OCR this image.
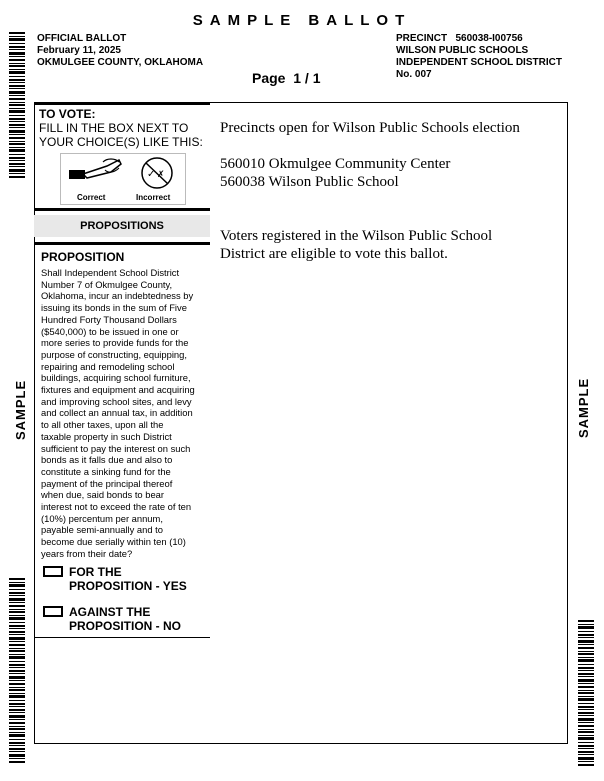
SAMPLE BALLOT
OFFICIAL BALLOT
February 11, 2025
OKMULGEE COUNTY, OKLAHOMA
PRECINCT   560038-I00756
WILSON PUBLIC SCHOOLS
INDEPENDENT SCHOOL DISTRICT
No. 007
Page  1 / 1
SAMPLE	SAMPLE
TO VOTE:
FILL IN THE BOX NEXT TO
YOUR CHOICE(S) LIKE THIS:
Correct
✓ ✗
Incorrect
PROPOSITIONS
PROPOSITION
Shall Independent School District
Number 7 of Okmulgee County,
Oklahoma, incur an indebtedness by
issuing its bonds in the sum of Five
Hundred Forty Thousand Dollars
($540,000) to be issued in one or
more series to provide funds for the
purpose of constructing, equipping,
repairing and remodeling school
buildings, acquiring school furniture,
fixtures and equipment and acquiring
and improving school sites, and levy
and collect an annual tax, in addition
to all other taxes, upon all the
taxable property in such District
sufficient to pay the interest on such
bonds as it falls due and also to
constitute a sinking fund for the
payment of the principal thereof
when due, said bonds to bear
interest not to exceed the rate of ten
(10%) percentum per annum,
payable semi-annually and to
become due serially within ten (10)
years from their date?
FOR THE
PROPOSITION - YES
AGAINST THE
PROPOSITION - NO
Precincts open for Wilson Public Schools election
560010 Okmulgee Community Center
560038 Wilson Public School
Voters registered in the Wilson Public School
District are eligible to vote this ballot.
